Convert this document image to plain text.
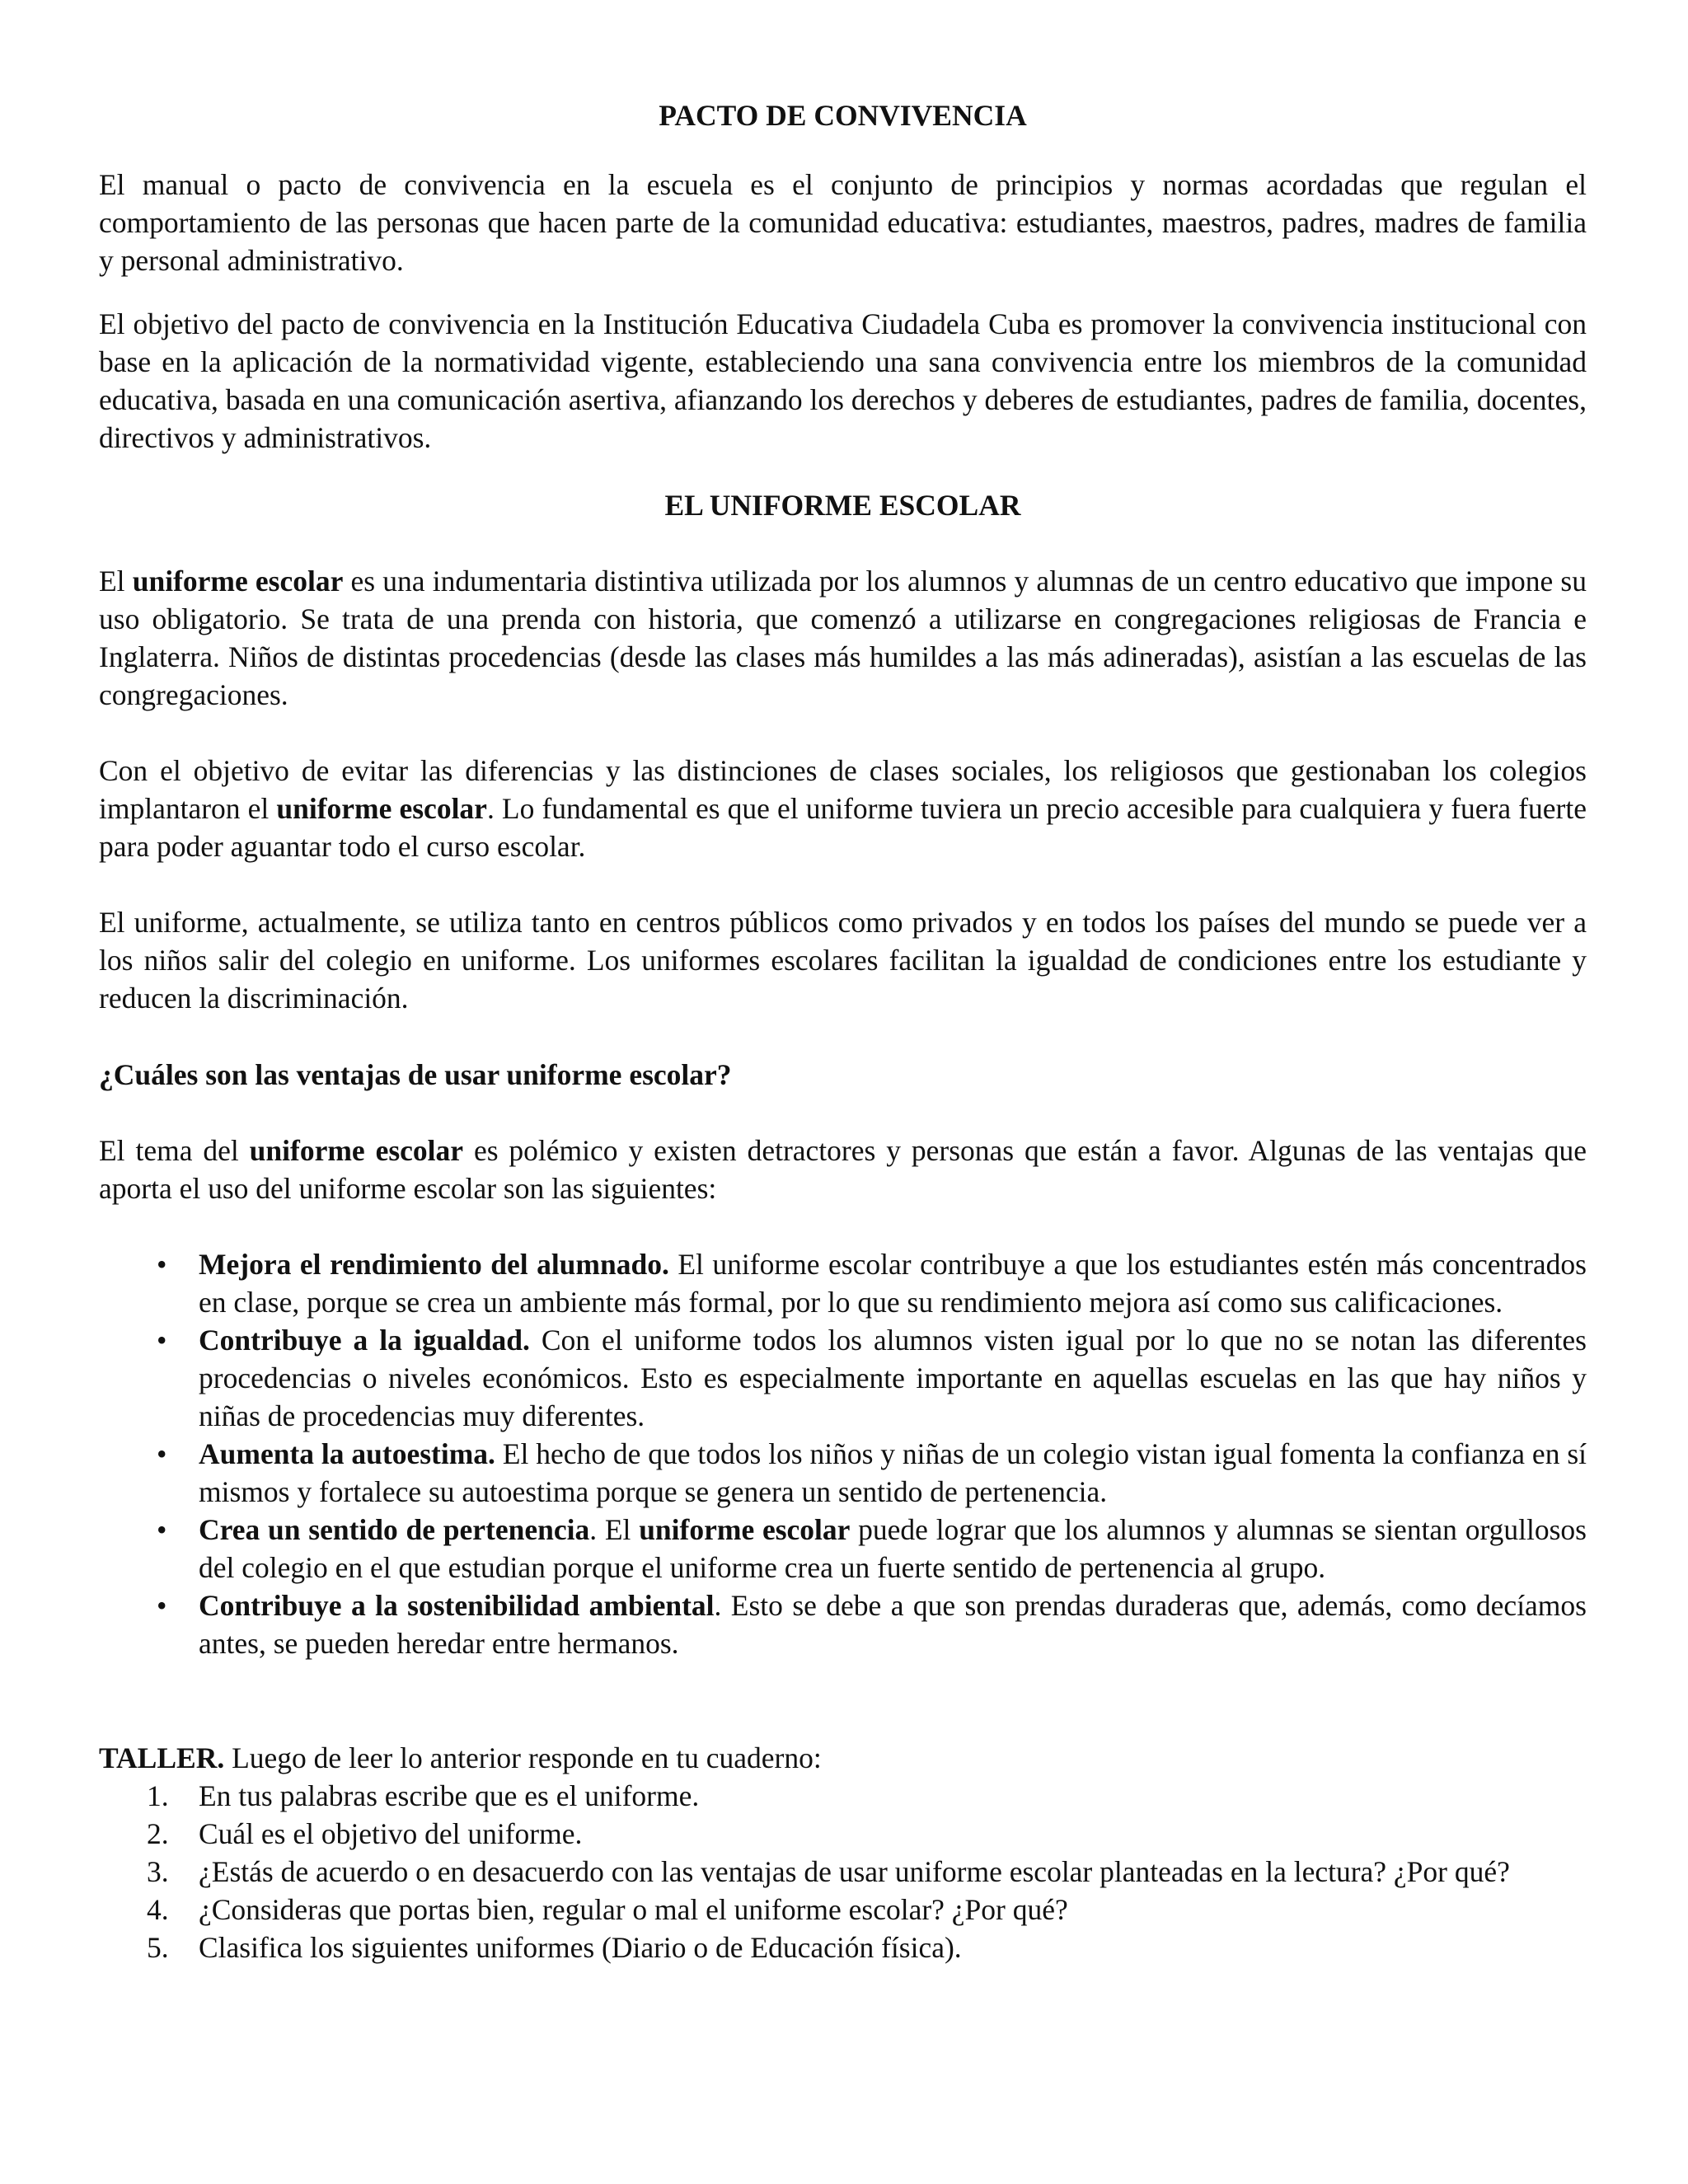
PACTO DE CONVIVENCIA

El manual o pacto de convivencia en la escuela es el conjunto de principios y normas acordadas que regulan el comportamiento de las personas que hacen parte de la comunidad educativa: estudiantes, maestros, padres, madres de familia y personal administrativo.

El objetivo del pacto de convivencia en la Institución Educativa Ciudadela Cuba es promover la convivencia institucional con base en la aplicación de la normatividad vigente, estableciendo una sana convivencia entre los miembros de la comunidad educativa, basada en una comunicación asertiva, afianzando los derechos y deberes de estudiantes, padres de familia, docentes, directivos y administrativos.

EL UNIFORME ESCOLAR

El uniforme escolar es una indumentaria distintiva utilizada por los alumnos y alumnas de un centro educativo que impone su uso obligatorio. Se trata de una prenda con historia, que comenzó a utilizarse en congregaciones religiosas de Francia e Inglaterra. Niños de distintas procedencias (desde las clases más humildes a las más adineradas), asistían a las escuelas de las congregaciones.

Con el objetivo de evitar las diferencias y las distinciones de clases sociales, los religiosos que gestionaban los colegios implantaron el uniforme escolar. Lo fundamental es que el uniforme tuviera un precio accesible para cualquiera y fuera fuerte para poder aguantar todo el curso escolar.

El uniforme, actualmente, se utiliza tanto en centros públicos como privados y en todos los países del mundo se puede ver a los niños salir del colegio en uniforme. Los uniformes escolares facilitan la igualdad de condiciones entre los estudiante y reducen la discriminación.

¿Cuáles son las ventajas de usar uniforme escolar?

El tema del uniforme escolar es polémico y existen detractores y personas que están a favor. Algunas de las ventajas que aporta el uso del uniforme escolar son las siguientes:

• Mejora el rendimiento del alumnado. El uniforme escolar contribuye a que los estudiantes estén más concentrados en clase, porque se crea un ambiente más formal, por lo que su rendimiento mejora así como sus calificaciones.
• Contribuye a la igualdad. Con el uniforme todos los alumnos visten igual por lo que no se notan las diferentes procedencias o niveles económicos. Esto es especialmente importante en aquellas escuelas en las que hay niños y niñas de procedencias muy diferentes.
• Aumenta la autoestima. El hecho de que todos los niños y niñas de un colegio vistan igual fomenta la confianza en sí mismos y fortalece su autoestima porque se genera un sentido de pertenencia.
• Crea un sentido de pertenencia. El uniforme escolar puede lograr que los alumnos y alumnas se sientan orgullosos del colegio en el que estudian porque el uniforme crea un fuerte sentido de pertenencia al grupo.
• Contribuye a la sostenibilidad ambiental. Esto se debe a que son prendas duraderas que, además, como decíamos antes, se pueden heredar entre hermanos.

TALLER. Luego de leer lo anterior responde en tu cuaderno:

1. En tus palabras escribe que es el uniforme.
2. Cuál es el objetivo del uniforme.
3. ¿Estás de acuerdo o en desacuerdo con las ventajas de usar uniforme escolar planteadas en la lectura? ¿Por qué?
4. ¿Consideras que portas bien, regular o mal el uniforme escolar? ¿Por qué?
5. Clasifica los siguientes uniformes (Diario o de Educación física).
